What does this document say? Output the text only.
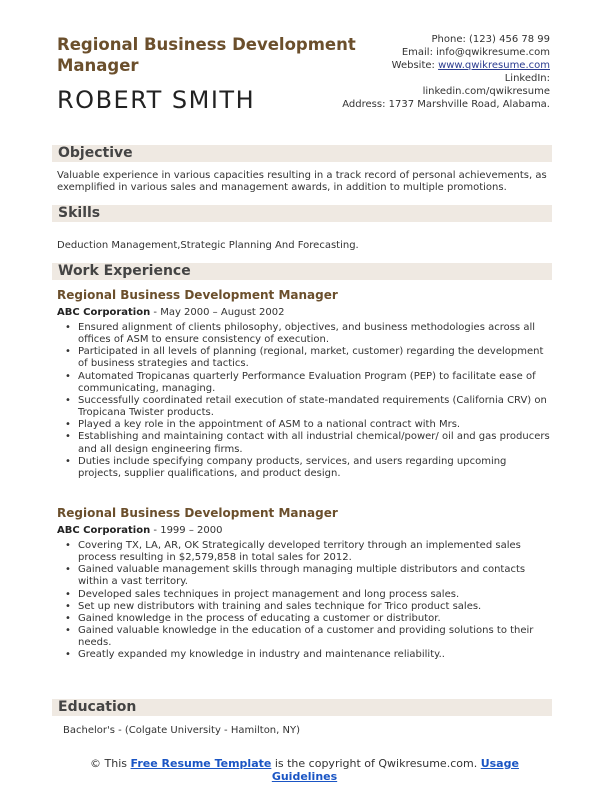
Regional Business Development Manager
ROBERT SMITH
Phone: (123) 456 78 99
Email: info@qwikresume.com
Website: www.qwikresume.com
LinkedIn:
linkedin.com/qwikresume
Address: 1737 Marshville Road, Alabama.
Objective
Valuable experience in various capacities resulting in a track record of personal achievements, as exemplified in various sales and management awards, in addition to multiple promotions.
Skills
Deduction Management,Strategic Planning And Forecasting.
Work Experience
Regional Business Development Manager
ABC Corporation - May 2000 – August 2002
• Ensured alignment of clients philosophy, objectives, and business methodologies across all offices of ASM to ensure consistency of execution.
• Participated in all levels of planning (regional, market, customer) regarding the development of business strategies and tactics.
• Automated Tropicanas quarterly Performance Evaluation Program (PEP) to facilitate ease of communicating, managing.
• Successfully coordinated retail execution of state-mandated requirements (California CRV) on Tropicana Twister products.
• Played a key role in the appointment of ASM to a national contract with Mrs.
• Establishing and maintaining contact with all industrial chemical/power/ oil and gas producers and all design engineering firms.
• Duties include specifying company products, services, and users regarding upcoming projects, supplier qualifications, and product design.
Regional Business Development Manager
ABC Corporation - 1999 – 2000
• Covering TX, LA, AR, OK Strategically developed territory through an implemented sales process resulting in $2,579,858 in total sales for 2012.
• Gained valuable management skills through managing multiple distributors and contacts within a vast territory.
• Developed sales techniques in project management and long process sales.
• Set up new distributors with training and sales technique for Trico product sales.
• Gained knowledge in the process of educating a customer or distributor.
• Gained valuable knowledge in the education of a customer and providing solutions to their needs.
• Greatly expanded my knowledge in industry and maintenance reliability..
Education
Bachelor's - (Colgate University - Hamilton, NY)
© This Free Resume Template is the copyright of Qwikresume.com. Usage Guidelines
